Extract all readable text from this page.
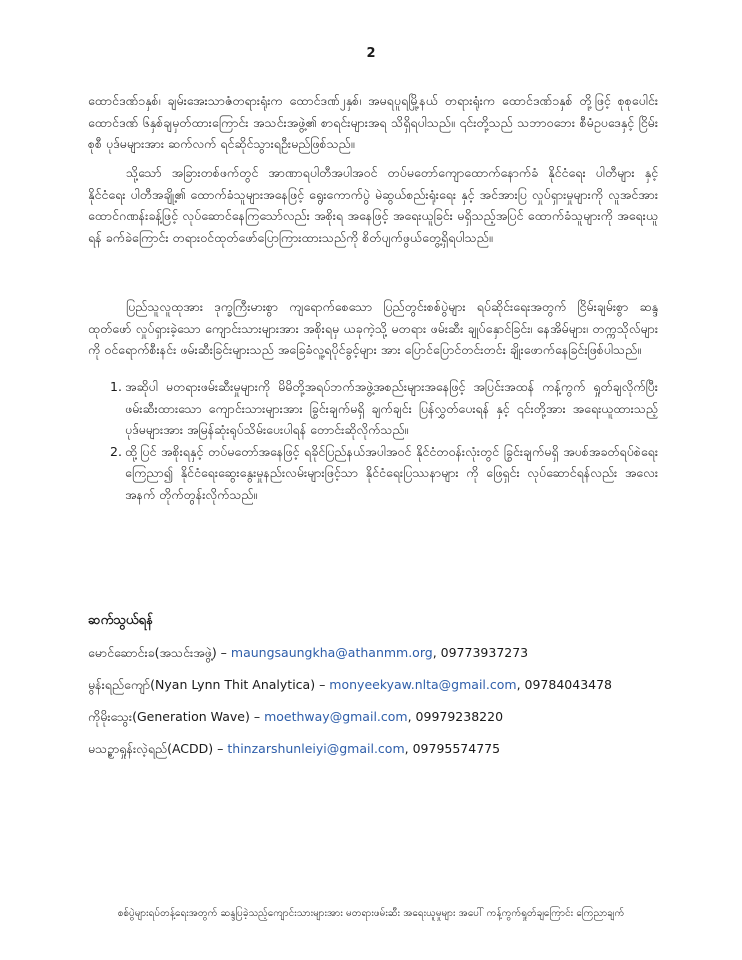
2

ထောင်ဒဏ်၁နှစ်၊ ချမ်းအေးသာဇံတရားရုံးက ထောင်ဒဏ်၂နှစ်၊ အမရပူရမြို့နယ် တရားရုံးက ထောင်ဒဏ်၁နှစ် တို့ဖြင့် စုစုပေါင်း ထောင်ဒဏ် ၆နှစ်ချမှတ်ထားကြောင်း အသင်းအဖွဲ့၏ စာရင်းများအရ သိရှိရပါသည်။ ၎င်းတို့သည် သဘာဝဘေး စီမံဥပဒေနှင့် ငြိမ်းစုစီ ပုဒ်မများအား ဆက်လက် ရင်ဆိုင်သွားရဦးမည်ဖြစ်သည်။

သို့သော် အခြားတစ်ဖက်တွင် အာဏာရပါတီအပါအဝင် တပ်မတော်ကျောထောက်နောက်ခံ နိုင်ငံရေး ပါတီများ နှင့် နိုင်ငံရေး ပါတီအချို့၏ ထောက်ခံသူများအနေဖြင့် ရွေးကောက်ပွဲ မဲဆွယ်စည်းရုံးရေး နှင့် အင်အားပြ လှုပ်ရှားမှုများကို လူအင်အားထောင်ဂဏန်းခန့်ဖြင့် လုပ်ဆောင်နေကြသော်လည်း အစိုးရ အနေဖြင့် အရေးယူခြင်း မရှိသည့်အပြင် ထောက်ခံသူများကို အရေးယူရန် ခက်ခဲကြောင်း တရားဝင်ထုတ်ဖော်ပြောကြားထားသည်ကို စိတ်ပျက်ဖွယ်တွေ့ရှိရပါသည်။

ပြည်သူလူထုအား ဒုက္ခကြီးမားစွာ ကျရောက်စေသော ပြည်တွင်းစစ်ပွဲများ ရပ်ဆိုင်းရေးအတွက် ငြိမ်းချမ်းစွာ ဆန္ဒထုတ်ဖော် လှုပ်ရှားခဲ့သော ကျောင်းသားများအား အစိုးရမှ ယခုကဲ့သို့ မတရား ဖမ်းဆီး ချုပ်နှောင်ခြင်း၊ နေအိမ်များ၊ တက္ကသိုလ်များကို ဝင်ရောက်စီးနင်း ဖမ်းဆီးခြင်းများသည် အခြေခံလူ့ရပိုင်ခွင့်များ အား ပြောင်ပြောင်တင်းတင်း ချိုးဖောက်နေခြင်းဖြစ်ပါသည်။

1. အဆိုပါ မတရားဖမ်းဆီးမှုများကို မိမိတို့အရပ်ဘက်အဖွဲ့အစည်းများအနေဖြင့် အပြင်းအထန် ကန့်ကွက် ရှုတ်ချလိုက်ပြီး ဖမ်းဆီးထားသော ကျောင်းသားများအား ခြွင်းချက်မရှိ ချက်ချင်း ပြန်လွှတ်ပေးရန် နှင့် ၎င်းတို့အား အရေးယူထားသည့် ပုဒ်မများအား အမြန်ဆုံးရုပ်သိမ်းပေးပါရန် တောင်းဆိုလိုက်သည်။
2. ထို့ပြင် အစိုးရနှင့် တပ်မတော်အနေဖြင့် ရခိုင်ပြည်နယ်အပါအဝင် နိုင်ငံတဝန်းလုံးတွင် ခြွင်းချက်မရှိ အပစ်အခတ်ရပ်စဲရေး ကြေညာ၍ နိုင်ငံရေးဆွေးနွေးမှုနည်းလမ်းများဖြင့်သာ နိုင်ငံရေးပြဿနာများ ကို ဖြေရှင်း လုပ်ဆောင်ရန်လည်း အလေးအနက် တိုက်တွန်းလိုက်သည်။
ဆက်သွယ်ရန်
မောင်ဆောင်းခ(အသင်းအဖွဲ့) – maungsaungkha@athanmm.org, 09773937273
မွန်းရည်ကျော်(Nyan Lynn Thit Analytica) – monyeekyaw.nlta@gmail.com, 09784043478
ကိုမိုးသွေး(Generation Wave) – moethway@gmail.com, 09979238220
မသဥ္စာရှုန်းလဲ့ရည်(ACDD) – thinzarshunleiyi@gmail.com, 09795574775
စစ်ပွဲများရပ်တန့်ရေးအတွက် ဆန္ဒပြခဲ့သည့်ကျောင်းသားများအား မတရားဖမ်းဆီး အရေးယူမှုများ အပေါ် ကန့်ကွက်ရှုတ်ချကြောင်း ကြေညာချက်
